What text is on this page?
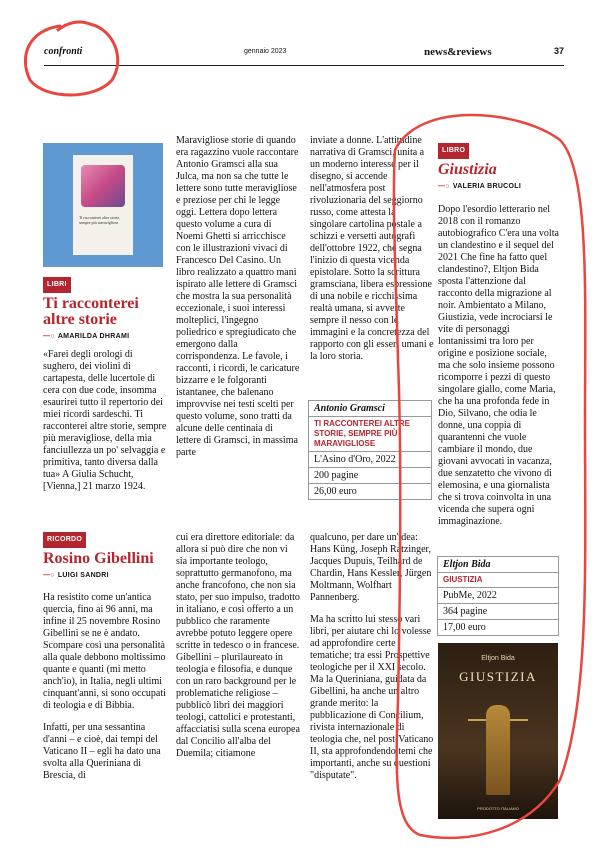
confronti	gennaio 2023	news&reviews	37
Ti racconterei altre storie, sempre più meravigliose
LIBRI
Ti racconterei altre storie
—○ AMARILDA DHRAMI

«Farei degli orologi di sughero, dei violini di cartapesta, delle lucertole di cera con due code, insomma esaurirei tutto il repertorio dei miei ricordi sardeschi. Ti racconterei altre storie, sempre più meravigliose, della mia fanciullezza un po' selvaggia e primitiva, tanto diversa dalla tua» A Giulia Schucht, [Vienna,] 21 marzo 1924.

Maravigliose storie di quando era ragazzino vuole raccontare Antonio Gramsci alla sua Julca, ma non sa che tutte le lettere sono tutte meravigliose e preziose per chi le legge oggi. Lettera dopo lettera questo volume a cura di Noemi Ghetti si arricchisce con le illustrazioni vivaci di Francesco Del Casino. Un libro realizzato a quattro mani ispirato alle lettere di Gramsci che mostra la sua personalità eccezionale, i suoi interessi molteplici, l'ingegno poliedrico e spregiudicato che emergono dalla corrispondenza. Le favole, i racconti, i ricordi, le caricature bizzarre e le folgoranti istantanee, che balenano improvvise nei testi scelti per questo volume, sono tratti da alcune delle centinaia di lettere di Gramsci, in massima parte

inviate a donne. L'attitudine narrativa di Gramsci, unita a un moderno interesse per il disegno, si accende nell'atmosfera post rivoluzionaria del seggiorno russo, come attesta la singolare cartolina postale a schizzi e versetti autografi dell'ottobre 1922, che segna l'inizio di questa vicenda epistolare. Sotto la scrittura gramsciana, libera espressione di una nobile e ricchissima realtà umana, si avverte sempre il nesso con le immagini e la concretezza del rapporto con gli esseri umani e la loro storia.

Antonio Gramsci
TI RACCONTEREI ALTRE STORIE, SEMPRE PIÙ MARAVIGLIOSE
L'Asino d'Oro, 2022
200 pagine
26,00 euro
RICORDO
Rosino Gibellini
—○ LUIGI SANDRI

Ha resistito come un'antica quercia, fino ai 96 anni, ma infine il 25 novembre Rosino Gibellini se ne è andato. Scompare così una personalità alla quale debbono moltissimo quante e quanti (mi metto anch'io), in Italia, negli ultimi cinquant'anni, si sono occupati di teologia e di Bibbia.

Infatti, per una sessantina d'anni – e cioè, dai tempi del Vaticano II – egli ha dato una svolta alla Queriniana di Brescia, di

cui era direttore editoriale: da allora si può dire che non vi sia importante teologo, soprattutto germanofono, ma anche francofono, che non sia stato, per suo impulso, tradotto in italiano, e così offerto a un pubblico che raramente avrebbe potuto leggere opere scritte in tedesco o in francese. Gibellini – plurilaureato in teologia e filosofia, e dunque con un raro background per le problematiche religiose – pubblicò libri dei maggiori teologi, cattolici e protestanti, affacciatisi sulla scena europea dal Concilio all'alba del Duemila; citiamone

qualcuno, per dare un'idea: Hans Küng, Joseph Ratzinger, Jacques Dupuis, Teilhard de Chardin, Hans Kessler, Jürgen Moltmann, Wolfhart Pannenberg.

Ma ha scritto lui stesso vari libri, per aiutare chi lo volesse ad approfondire certe tematiche; tra essi Prospettive teologiche per il XXI secolo. Ma la Queriniana, guidata da Gibellini, ha anche un altro grande merito: la pubblicazione di Concilium, rivista internazionale di teologia che, nel post-Vaticano II, sta approfondendo temi che importanti, anche su questioni "disputate".

LIBRO
Giustizia
—○ VALERIA BRUCOLI

Dopo l'esordio letterario nel 2018 con il romanzo autobiografico C'era una volta un clandestino e il sequel del 2021 Che fine ha fatto quel clandestino?, Eltjon Bida sposta l'attenzione dal racconto della migrazione al noir. Ambientato a Milano, Giustizia, vede incrociarsi le vite di personaggi lontanissimi tra loro per origine e posizione sociale, ma che solo insieme possono ricomporre i pezzi di questo singolare giallo, come Maria, che ha una profonda fede in Dio, Silvano, che odia le donne, una coppia di quarantenni che vuole cambiare il mondo, due giovani avvocati in vacanza, due senzatetto che vivono di elemosina, e una giornalista che si trova coinvolta in una vicenda che supera ogni immaginazione.

Eltjon Bida
GIUSTIZIA
PubMe, 2022
364 pagine
17,00 euro
Eltjon Bida
GIUSTIZIA
PRODOTTO ITALIANO
